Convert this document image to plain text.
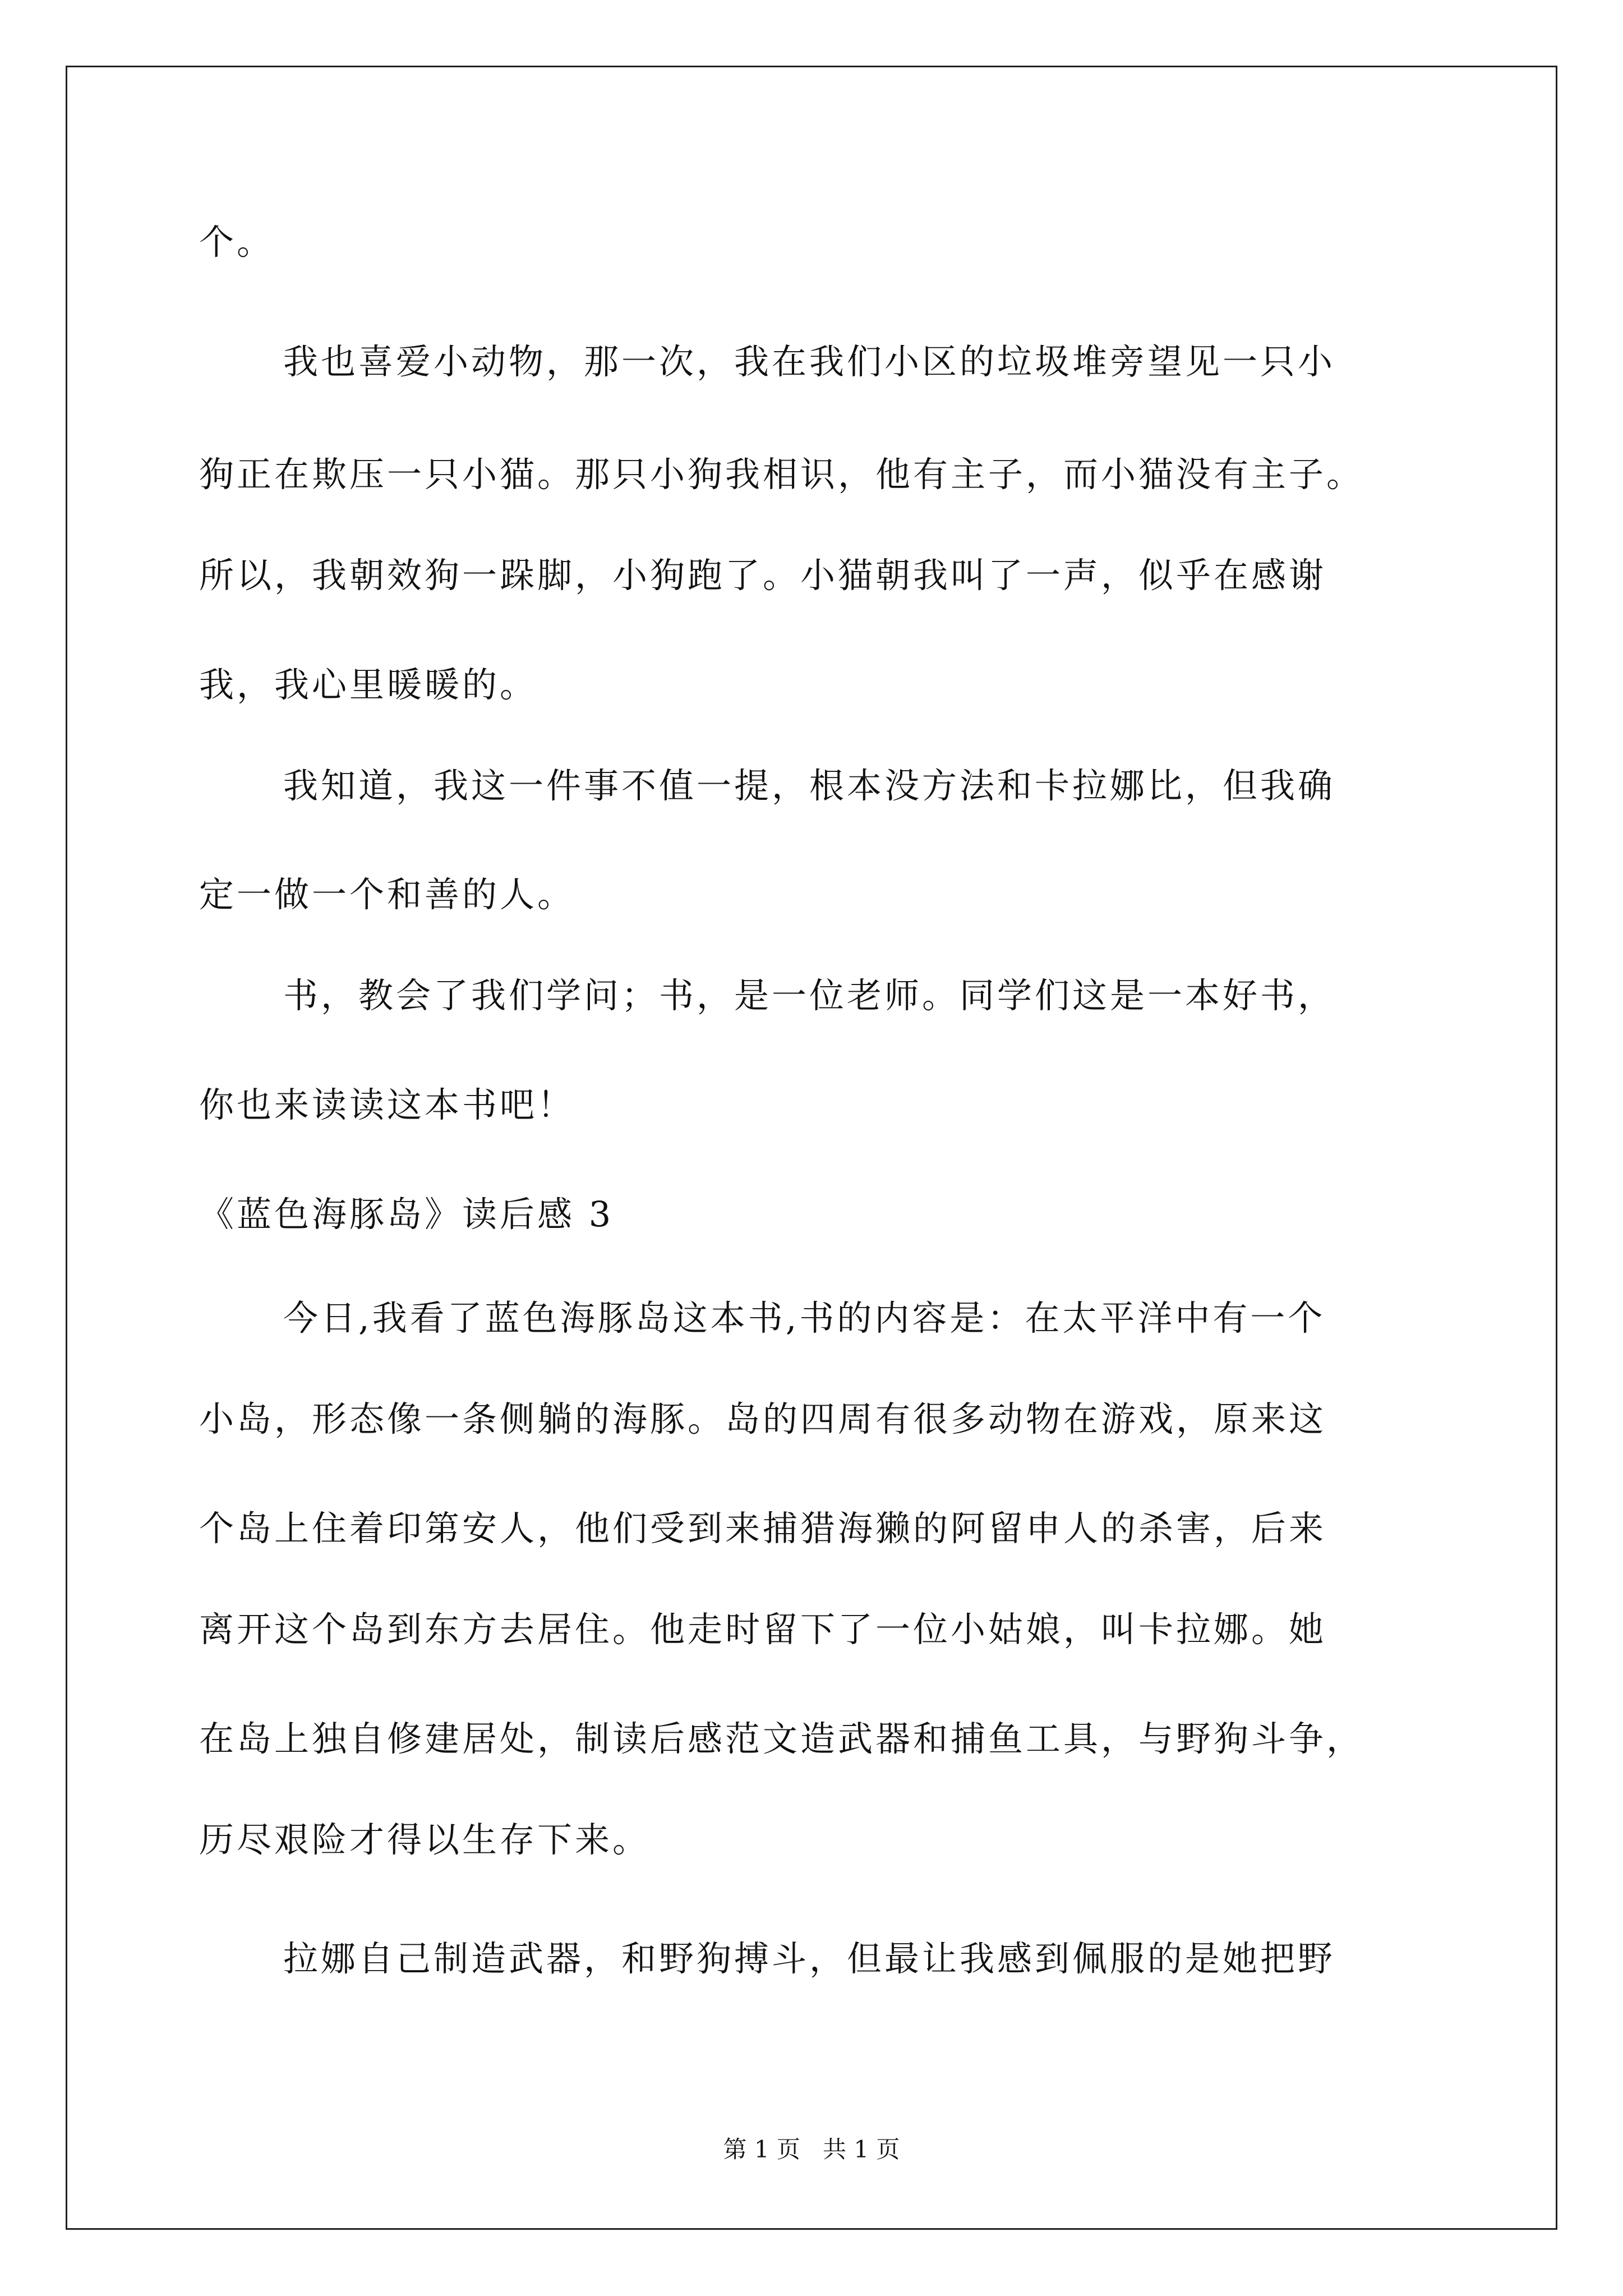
个。
我也喜爱小动物，那一次，我在我们小区的垃圾堆旁望见一只小
狗正在欺压一只小猫。那只小狗我相识，他有主子，而小猫没有主子。
所以，我朝效狗一跺脚，小狗跑了。小猫朝我叫了一声，似乎在感谢
我，我心里暖暖的。
我知道，我这一件事不值一提，根本没方法和卡拉娜比，但我确
定一做一个和善的人。
书，教会了我们学问；书，是一位老师。同学们这是一本好书，
你也来读读这本书吧！
《蓝色海豚岛》读后感 3
今日,我看了蓝色海豚岛这本书,书的内容是：在太平洋中有一个
小岛，形态像一条侧躺的海豚。岛的四周有很多动物在游戏，原来这
个岛上住着印第安人，他们受到来捕猎海獭的阿留申人的杀害，后来
离开这个岛到东方去居住。他走时留下了一位小姑娘，叫卡拉娜。她
在岛上独自修建居处，制读后感范文造武器和捕鱼工具，与野狗斗争，
历尽艰险才得以生存下来。
拉娜自己制造武器，和野狗搏斗，但最让我感到佩服的是她把野
第 1 页 共 1 页
